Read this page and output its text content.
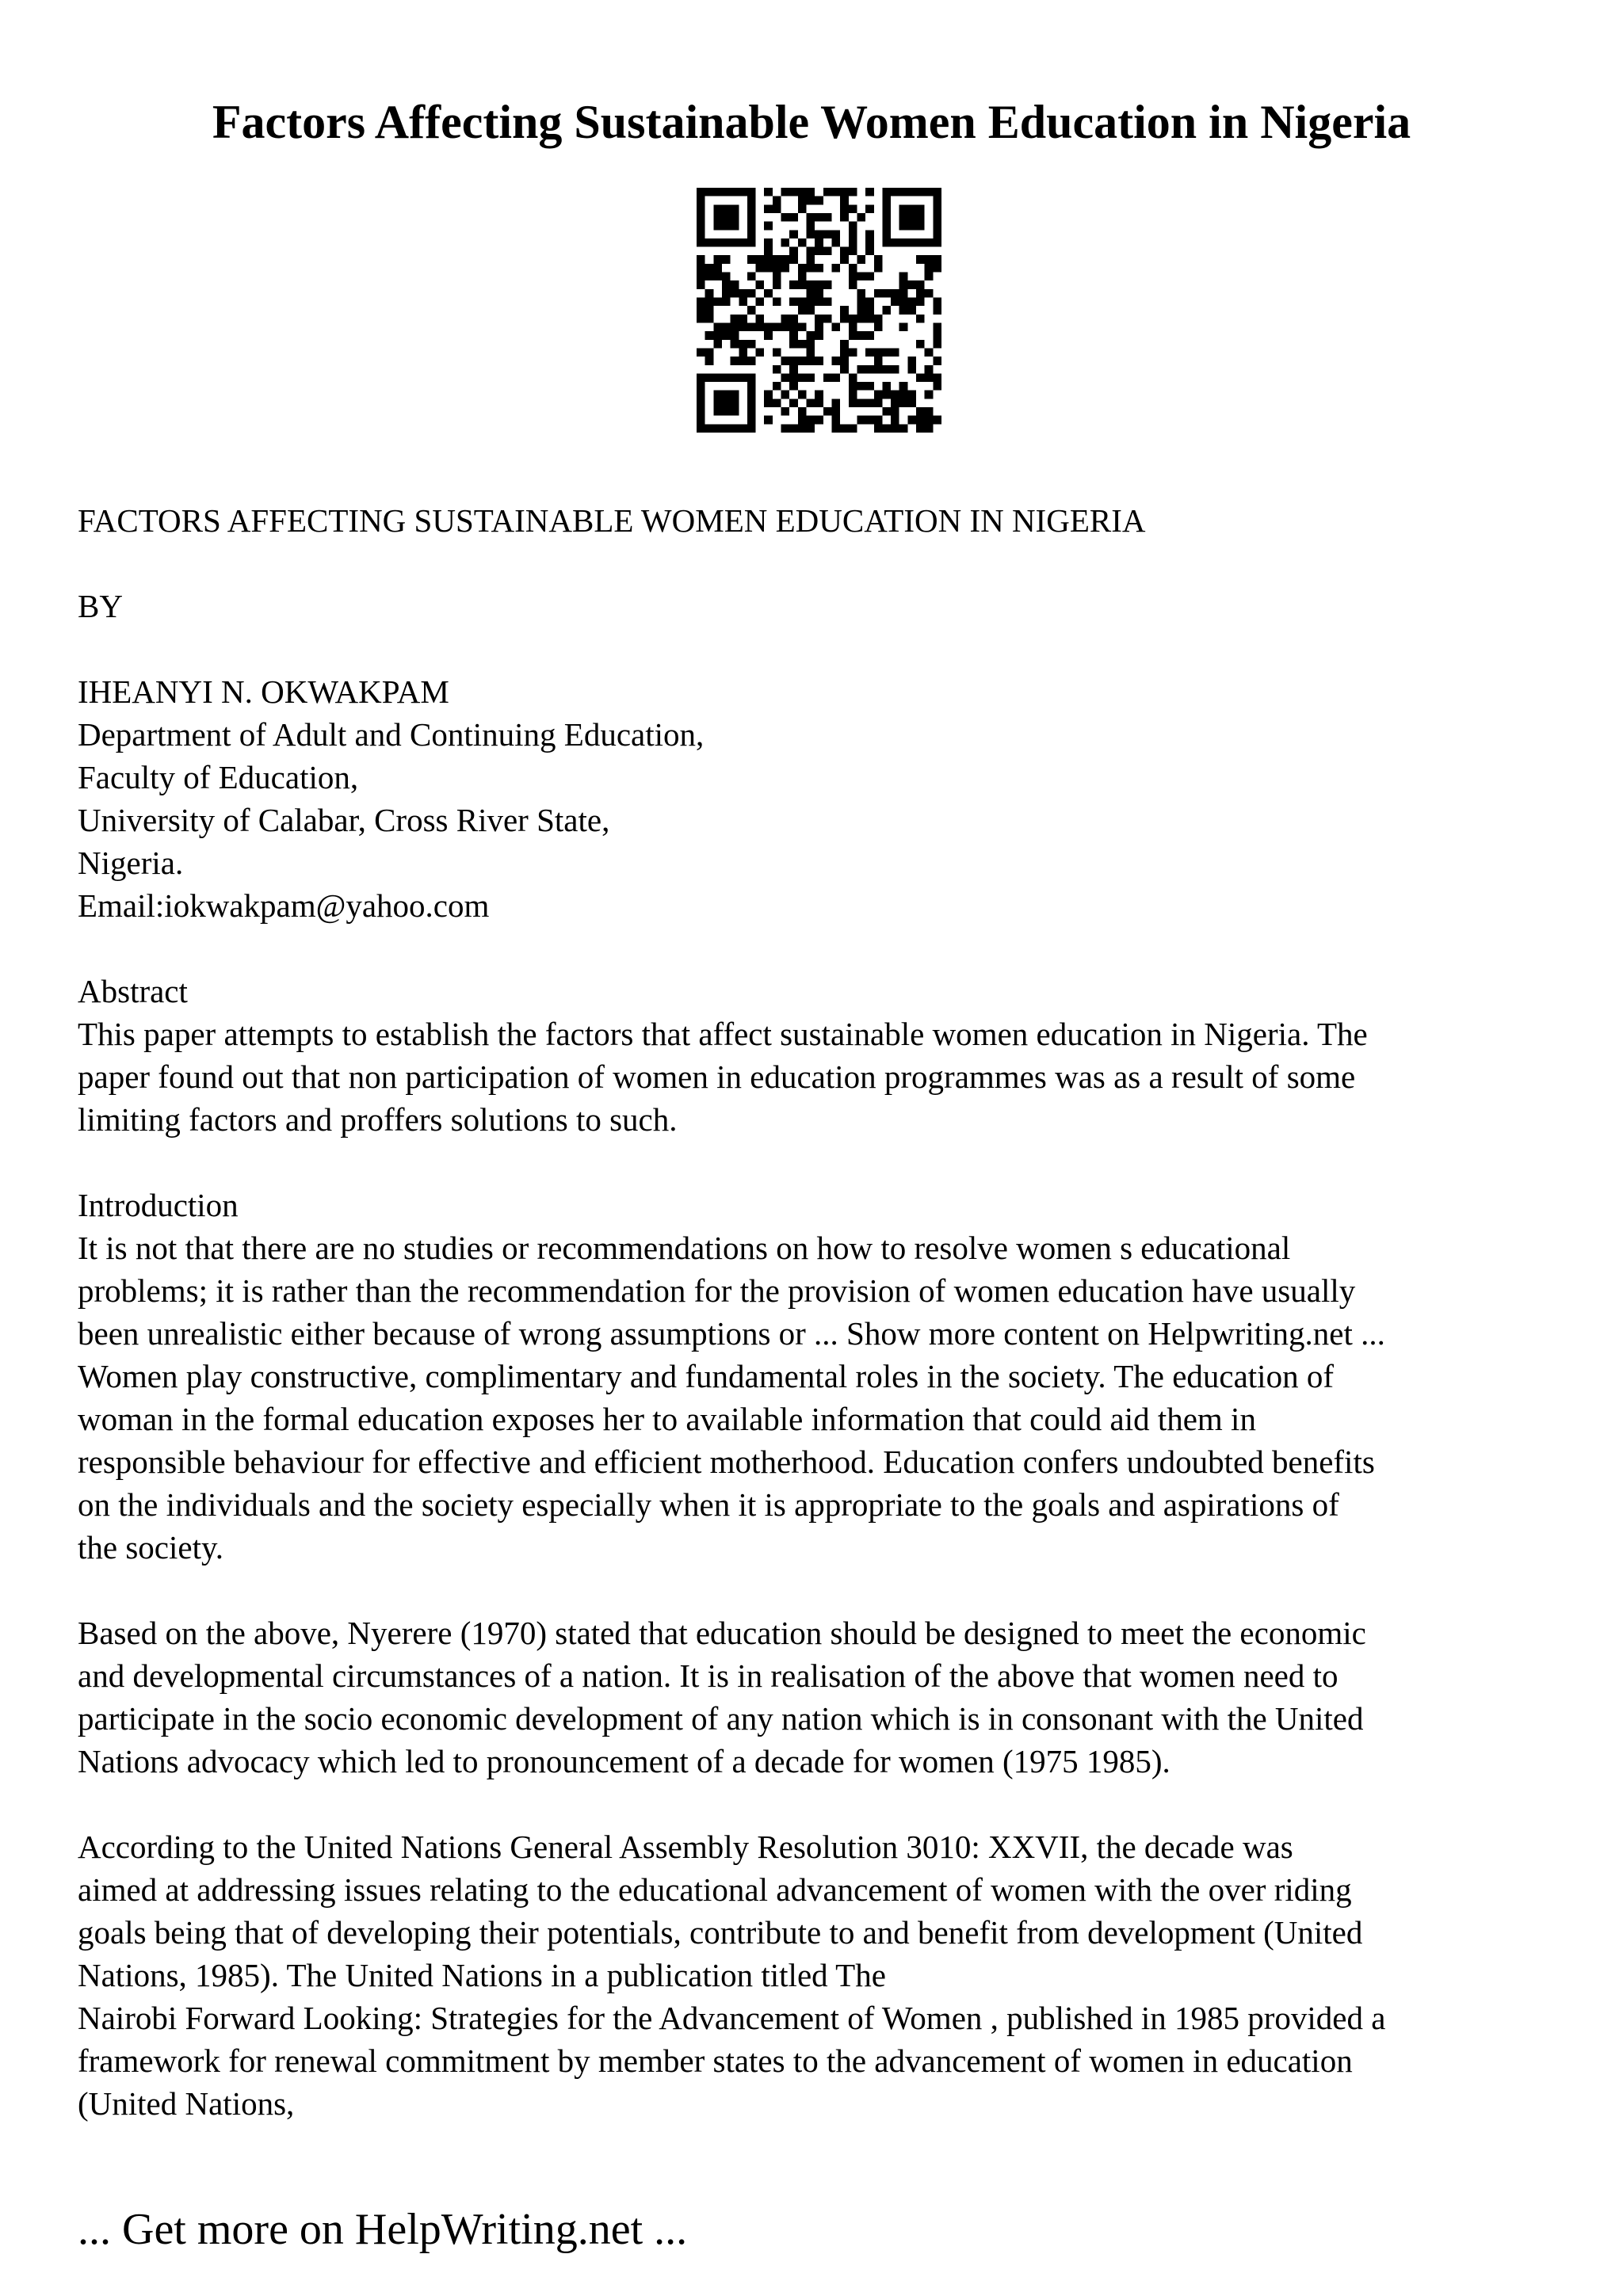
Factors Affecting Sustainable Women Education in Nigeria

FACTORS AFFECTING SUSTAINABLE WOMEN EDUCATION IN NIGERIA

BY

IHEANYI N. OKWAKPAM

Department of Adult and Continuing Education,

Faculty of Education,

University of Calabar, Cross River State,

Nigeria.

Email:iokwakpam@yahoo.com

Abstract

This paper attempts to establish the factors that affect sustainable women education in Nigeria. The

paper found out that non participation of women in education programmes was as a result of some

limiting factors and proffers solutions to such.

Introduction

It is not that there are no studies or recommendations on how to resolve women s educational

problems; it is rather than the recommendation for the provision of women education have usually

been unrealistic either because of wrong assumptions or ... Show more content on Helpwriting.net ...

Women play constructive, complimentary and fundamental roles in the society. The education of

woman in the formal education exposes her to available information that could aid them in

responsible behaviour for effective and efficient motherhood. Education confers undoubted benefits

on the individuals and the society especially when it is appropriate to the goals and aspirations of

the society.

Based on the above, Nyerere (1970) stated that education should be designed to meet the economic

and developmental circumstances of a nation. It is in realisation of the above that women need to

participate in the socio economic development of any nation which is in consonant with the United

Nations advocacy which led to pronouncement of a decade for women (1975 1985).

According to the United Nations General Assembly Resolution 3010: XXVII, the decade was

aimed at addressing issues relating to the educational advancement of women with the over riding

goals being that of developing their potentials, contribute to and benefit from development (United

Nations, 1985). The United Nations in a publication titled The

Nairobi Forward Looking: Strategies for the Advancement of Women , published in 1985 provided a

framework for renewal commitment by member states to the advancement of women in education

(United Nations,

... Get more on HelpWriting.net ...
